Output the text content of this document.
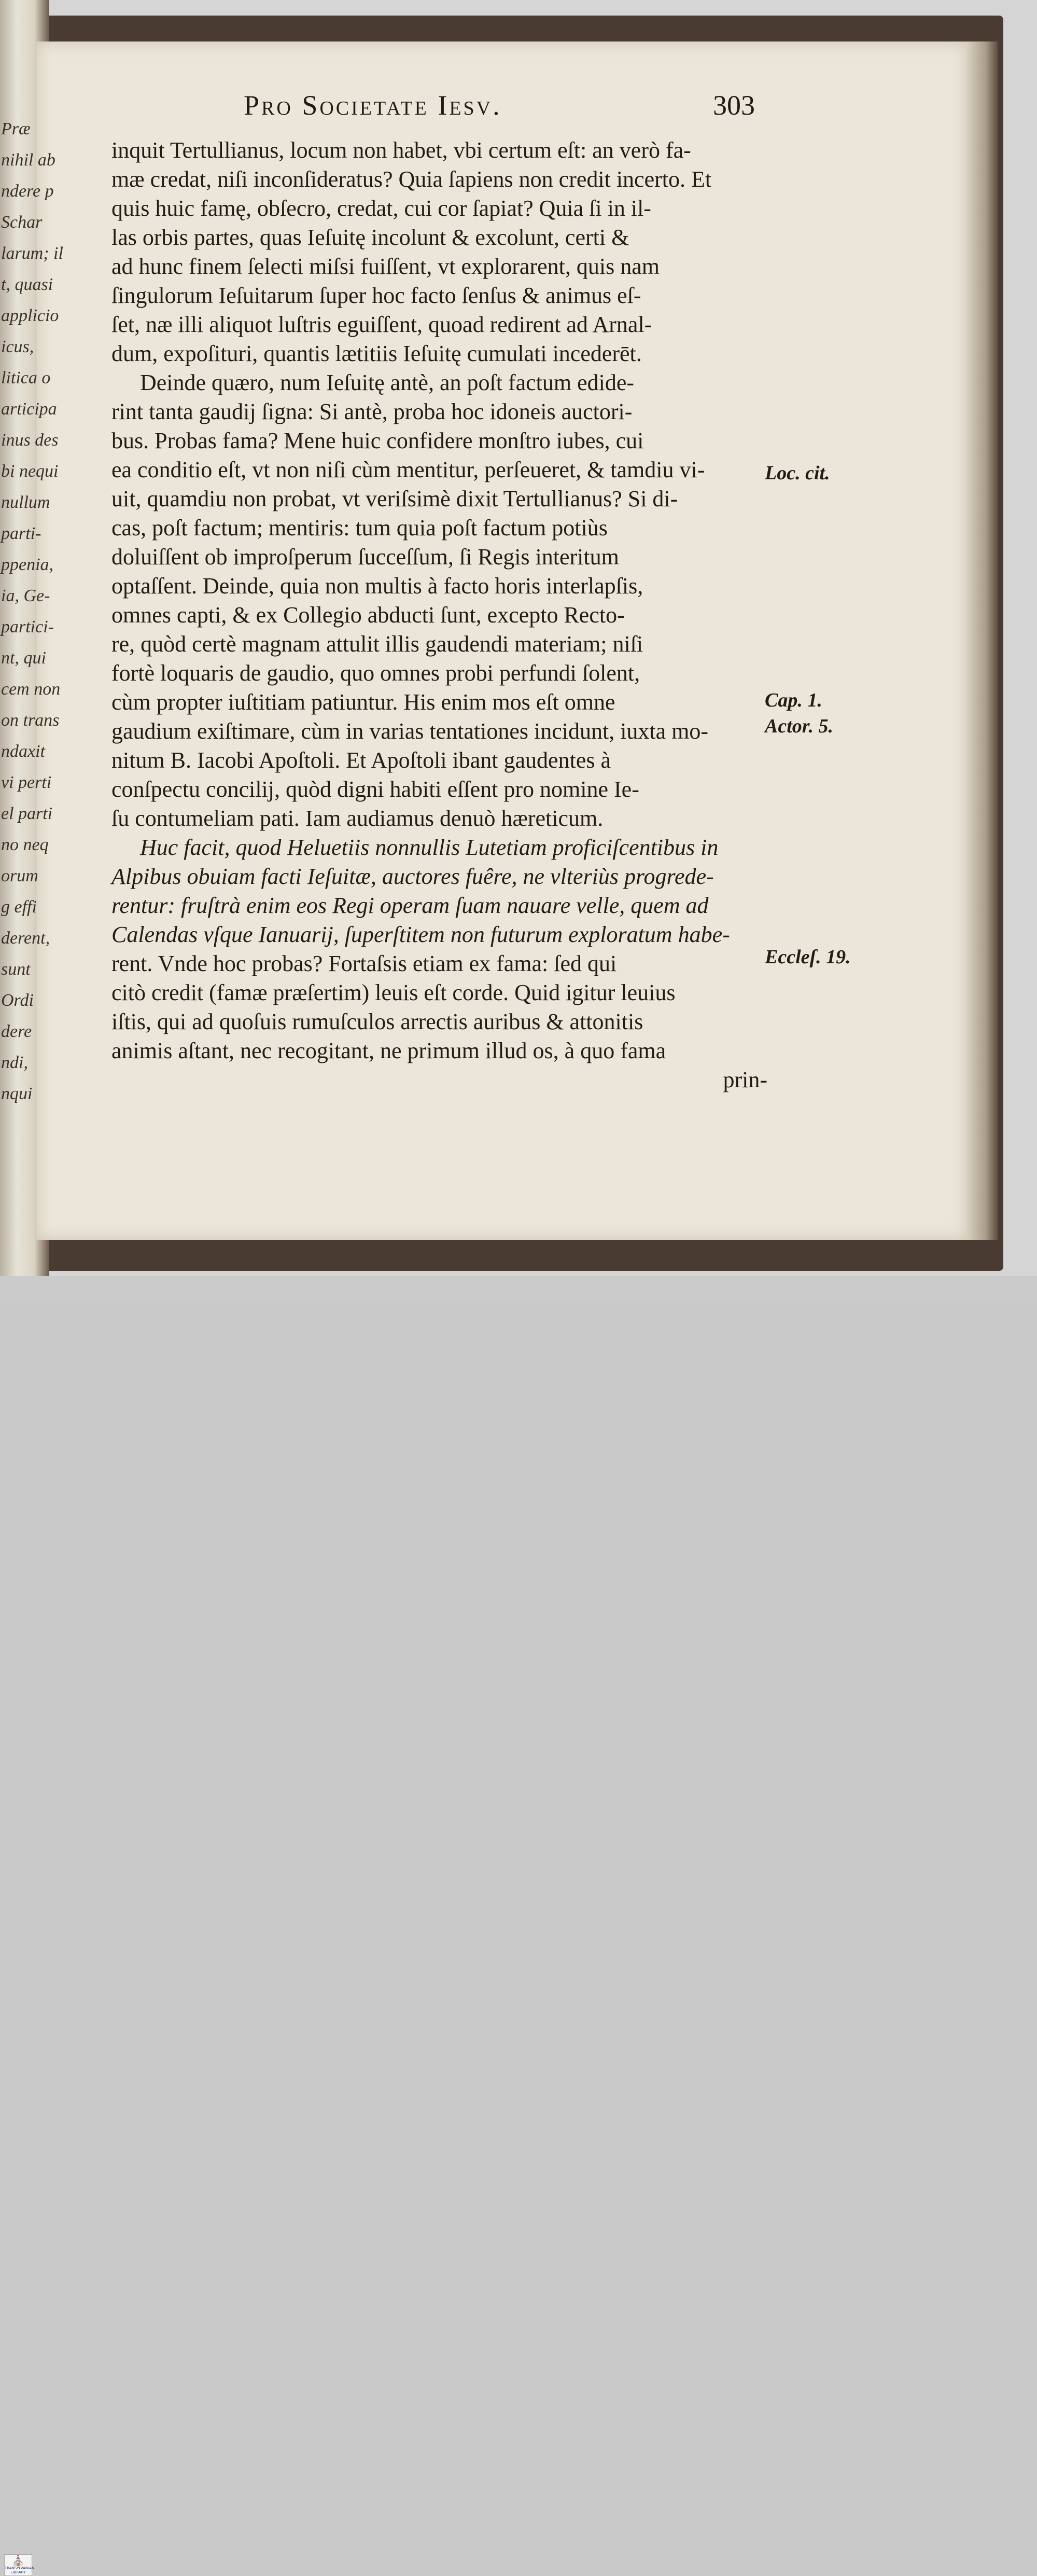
Præ
nihil ab
ndere p
Schar
larum; il
t, quasi
applicio
icus,
litica o
articipa
inus des
bi nequi
nullum
parti-
ppenia,
ia, Ge-
partici-
nt, qui
cem non
on trans
ndaxit
vi perti
el parti
no neq
orum
g effi
derent,
sunt
Ordi
dere
ndi,
nqui
Pro Societate Iesv.	303
inquit Tertullianus, locum non habet, vbi certum eſt: an verò fa-
mæ credat, niſi inconſideratus? Quia ſapiens non credit incerto. Et
quis huic famę, obſecro, credat, cui cor ſapiat? Quia ſi in il-
las orbis partes, quas Ieſuitę incolunt & excolunt, certi &
ad hunc finem ſelecti miſsi fuiſſent, vt explorarent, quis nam
ſingulorum Ieſuitarum ſuper hoc facto ſenſus & animus eſ-
ſet, næ illi aliquot luſtris eguiſſent, quoad redirent ad Arnal-
dum, expoſituri, quantis lætitiis Ieſuitę cumulati incederēt.
Deinde quæro, num Ieſuitę antè, an poſt factum edide-
rint tanta gaudij ſigna: Si antè, proba hoc idoneis auctori-
bus. Probas fama? Mene huic confidere monſtro iubes, cui
ea conditio eſt, vt non niſi cùm mentitur, perſeueret, & tamdiu vi-
uit, quamdiu non probat, vt veriſsimè dixit Tertullianus? Si di-
cas, poſt factum; mentiris: tum quia poſt factum potiùs
doluiſſent ob improſperum ſucceſſum, ſi Regis interitum
optaſſent. Deinde, quia non multis à facto horis interlapſis,
omnes capti, & ex Collegio abducti ſunt, excepto Recto-
re, quòd certè magnam attulit illis gaudendi materiam; niſi
fortè loquaris de gaudio, quo omnes probi perfundi ſolent,
cùm propter iuſtitiam patiuntur. His enim mos eſt omne
gaudium exiſtimare, cùm in varias tentationes incidunt, iuxta mo-
nitum B. Iacobi Apoſtoli. Et Apoſtoli ibant gaudentes à
conſpectu concilij, quòd digni habiti eſſent pro nomine Ie-
ſu contumeliam pati. Iam audiamus denuò hæreticum.
Huc facit, quod Heluetiis nonnullis Lutetiam proficiſcentibus in
Alpibus obuiam facti Ieſuitæ, auctores fuêre, ne vlteriùs progrede-
rentur: fruſtrà enim eos Regi operam ſuam nauare velle, quem ad
Calendas vſque Ianuarij, ſuperſtitem non futurum exploratum habe-
rent. Vnde hoc probas? Fortaſsis etiam ex fama: ſed qui
citò credit (famæ præſertim) leuis eſt corde. Quid igitur leuius
iſtis, qui ad quoſuis rumuſculos arrectis auribus & attonitis
animis aſtant, nec recogitant, ne primum illud os, à quo fama
prin-
Loc. cit.
Cap. 1.
Actor. 5.
Eccleſ. 19.
⛪
TRANSYLVANIAN LIBRARY
